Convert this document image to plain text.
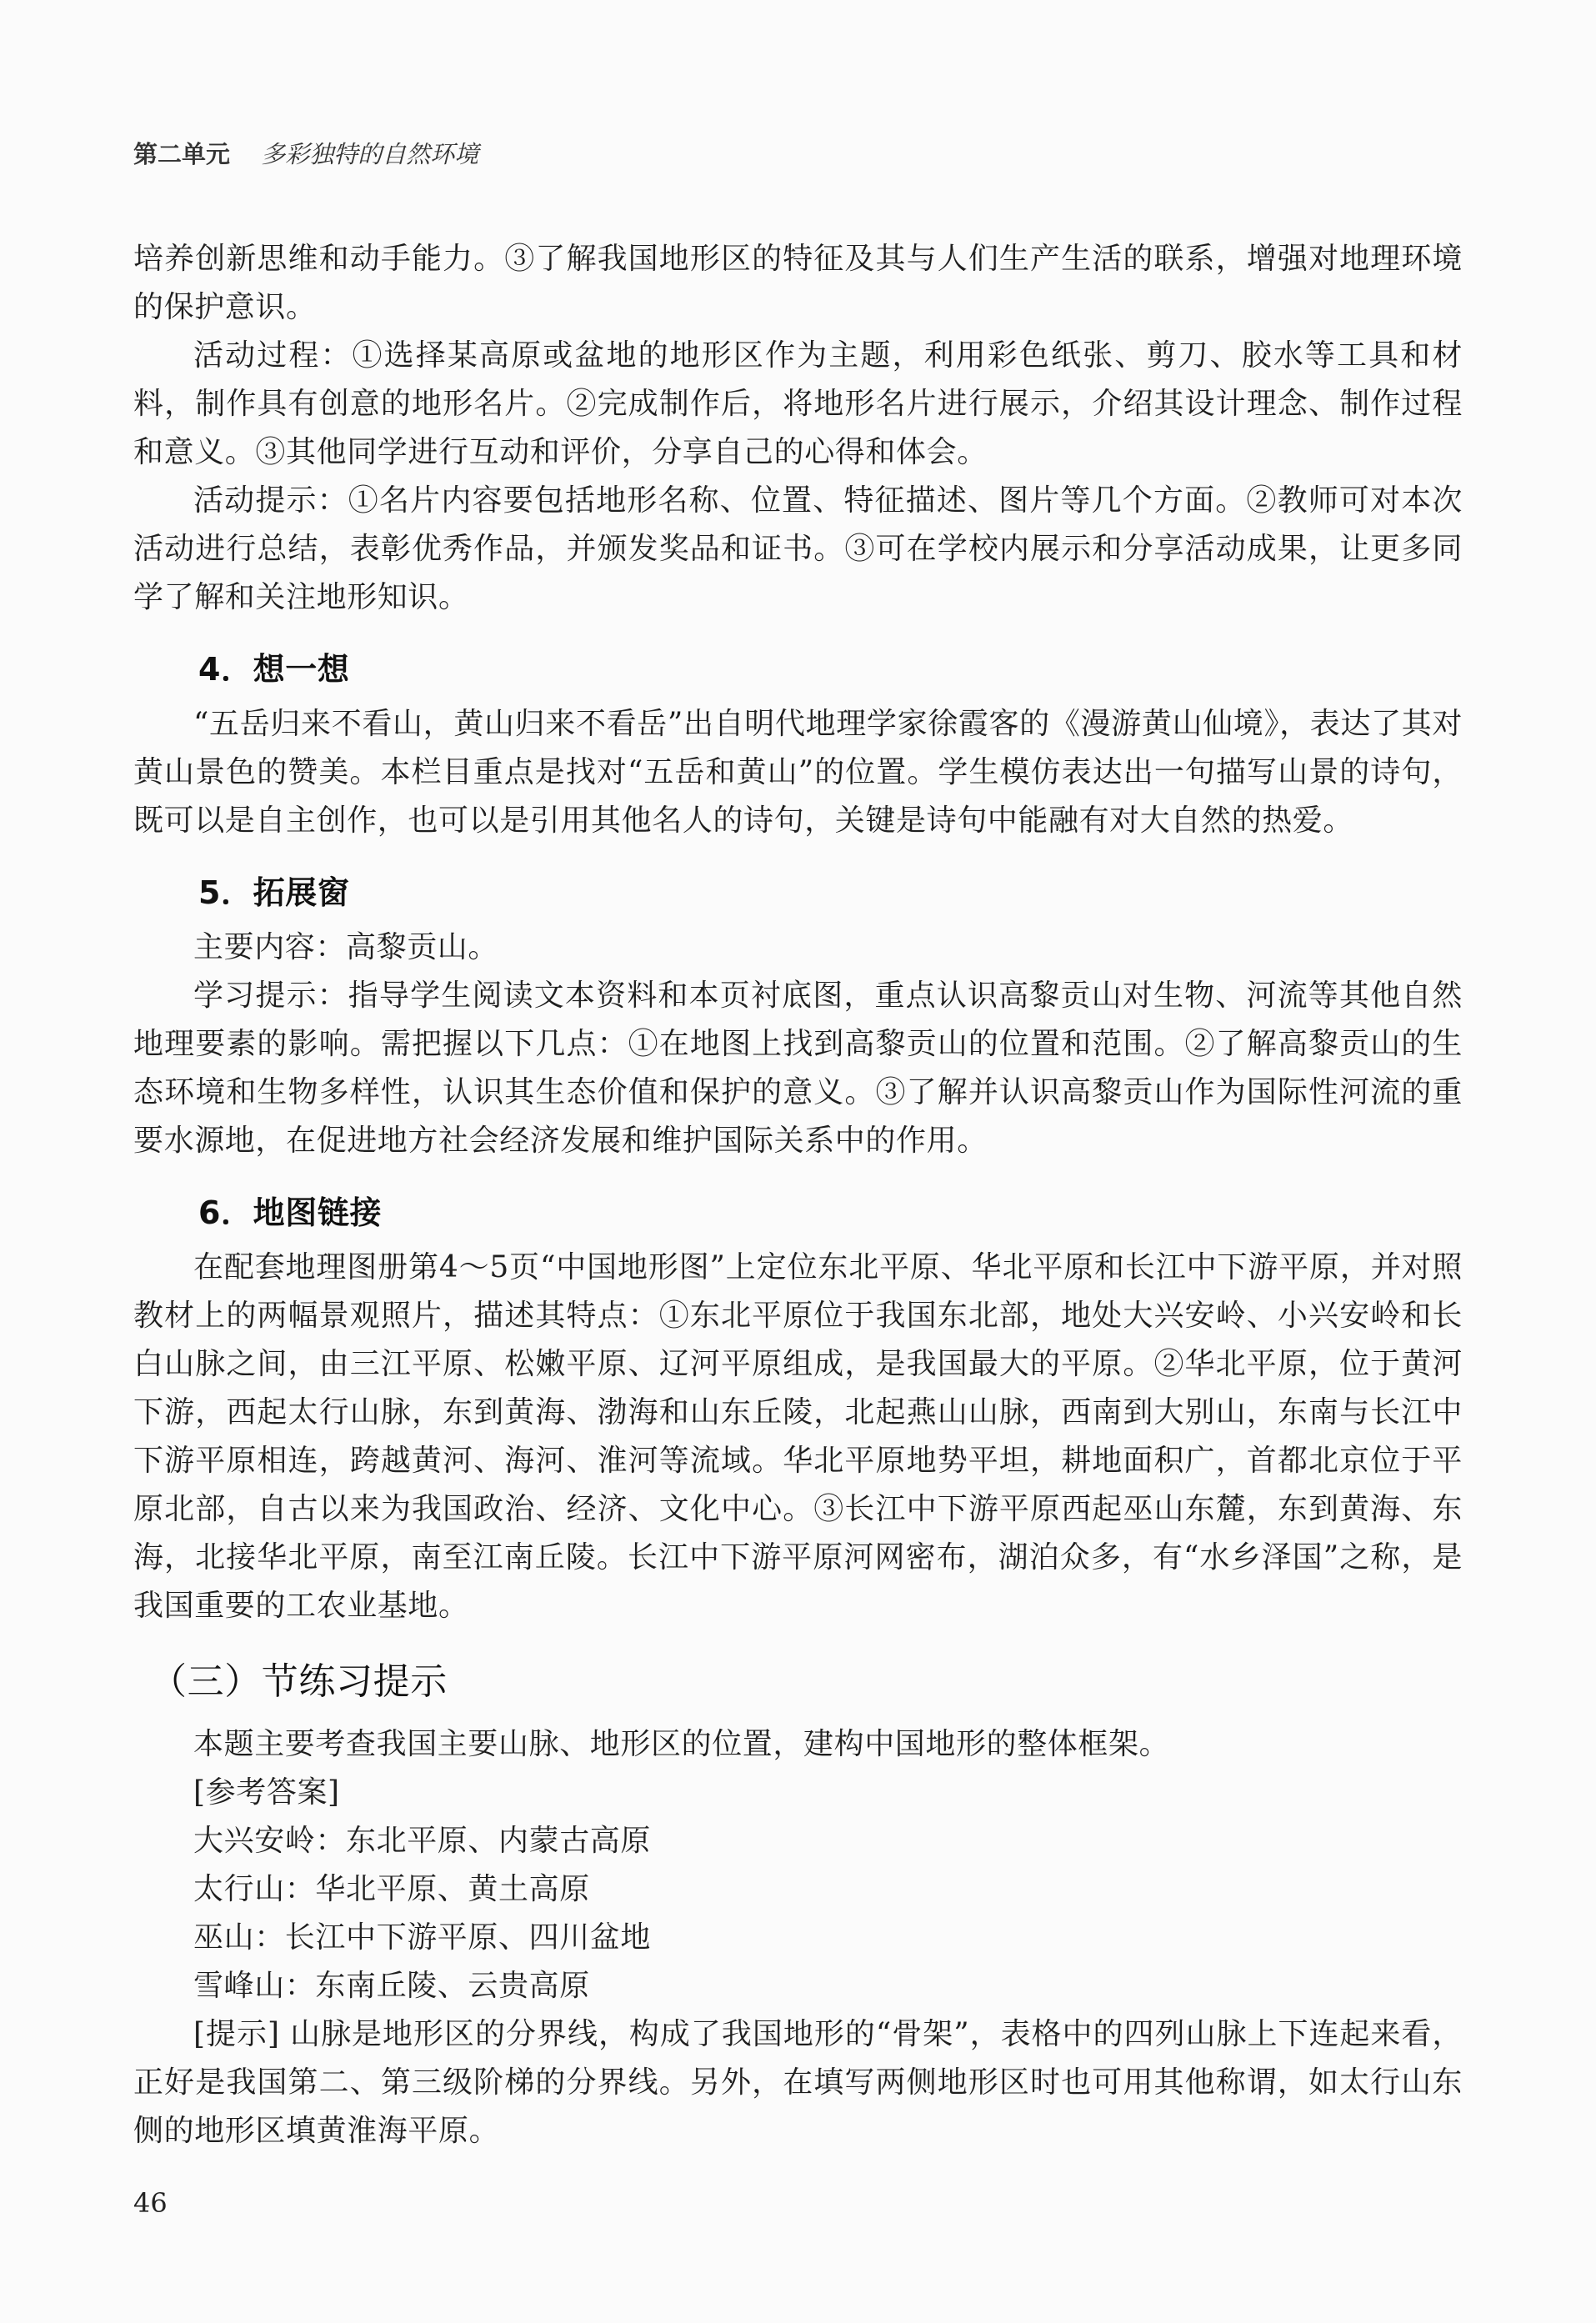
第二单元 多彩独特的自然环境

培养创新思维和动手能力。③了解我国地形区的特征及其与人们生产生活的联系，增强对地理环境的保护意识。

活动过程：①选择某高原或盆地的地形区作为主题，利用彩色纸张、剪刀、胶水等工具和材料，制作具有创意的地形名片。②完成制作后，将地形名片进行展示，介绍其设计理念、制作过程和意义。③其他同学进行互动和评价，分享自己的心得和体会。

活动提示：①名片内容要包括地形名称、位置、特征描述、图片等几个方面。②教师可对本次活动进行总结，表彰优秀作品，并颁发奖品和证书。③可在学校内展示和分享活动成果，让更多同学了解和关注地形知识。

4．想一想

“五岳归来不看山，黄山归来不看岳”出自明代地理学家徐霞客的《漫游黄山仙境》，表达了其对黄山景色的赞美。本栏目重点是找对“五岳和黄山”的位置。学生模仿表达出一句描写山景的诗句，既可以是自主创作，也可以是引用其他名人的诗句，关键是诗句中能融有对大自然的热爱。

5．拓展窗

主要内容：高黎贡山。

学习提示：指导学生阅读文本资料和本页衬底图，重点认识高黎贡山对生物、河流等其他自然地理要素的影响。需把握以下几点：①在地图上找到高黎贡山的位置和范围。②了解高黎贡山的生态环境和生物多样性，认识其生态价值和保护的意义。③了解并认识高黎贡山作为国际性河流的重要水源地，在促进地方社会经济发展和维护国际关系中的作用。

6．地图链接

在配套地理图册第4～5页“中国地形图”上定位东北平原、华北平原和长江中下游平原，并对照教材上的两幅景观照片，描述其特点：①东北平原位于我国东北部，地处大兴安岭、小兴安岭和长白山脉之间，由三江平原、松嫩平原、辽河平原组成，是我国最大的平原。②华北平原，位于黄河下游，西起太行山脉，东到黄海、渤海和山东丘陵，北起燕山山脉，西南到大别山，东南与长江中下游平原相连，跨越黄河、海河、淮河等流域。华北平原地势平坦，耕地面积广，首都北京位于平原北部，自古以来为我国政治、经济、文化中心。③长江中下游平原西起巫山东麓，东到黄海、东海，北接华北平原，南至江南丘陵。长江中下游平原河网密布，湖泊众多，有“水乡泽国”之称，是我国重要的工农业基地。

（三）节练习提示

本题主要考查我国主要山脉、地形区的位置，建构中国地形的整体框架。

[参考答案]

大兴安岭：东北平原、内蒙古高原

太行山：华北平原、黄土高原

巫山：长江中下游平原、四川盆地

雪峰山：东南丘陵、云贵高原

[提示] 山脉是地形区的分界线，构成了我国地形的“骨架”，表格中的四列山脉上下连起来看，正好是我国第二、第三级阶梯的分界线。另外，在填写两侧地形区时也可用其他称谓，如太行山东侧的地形区填黄淮海平原。

46
